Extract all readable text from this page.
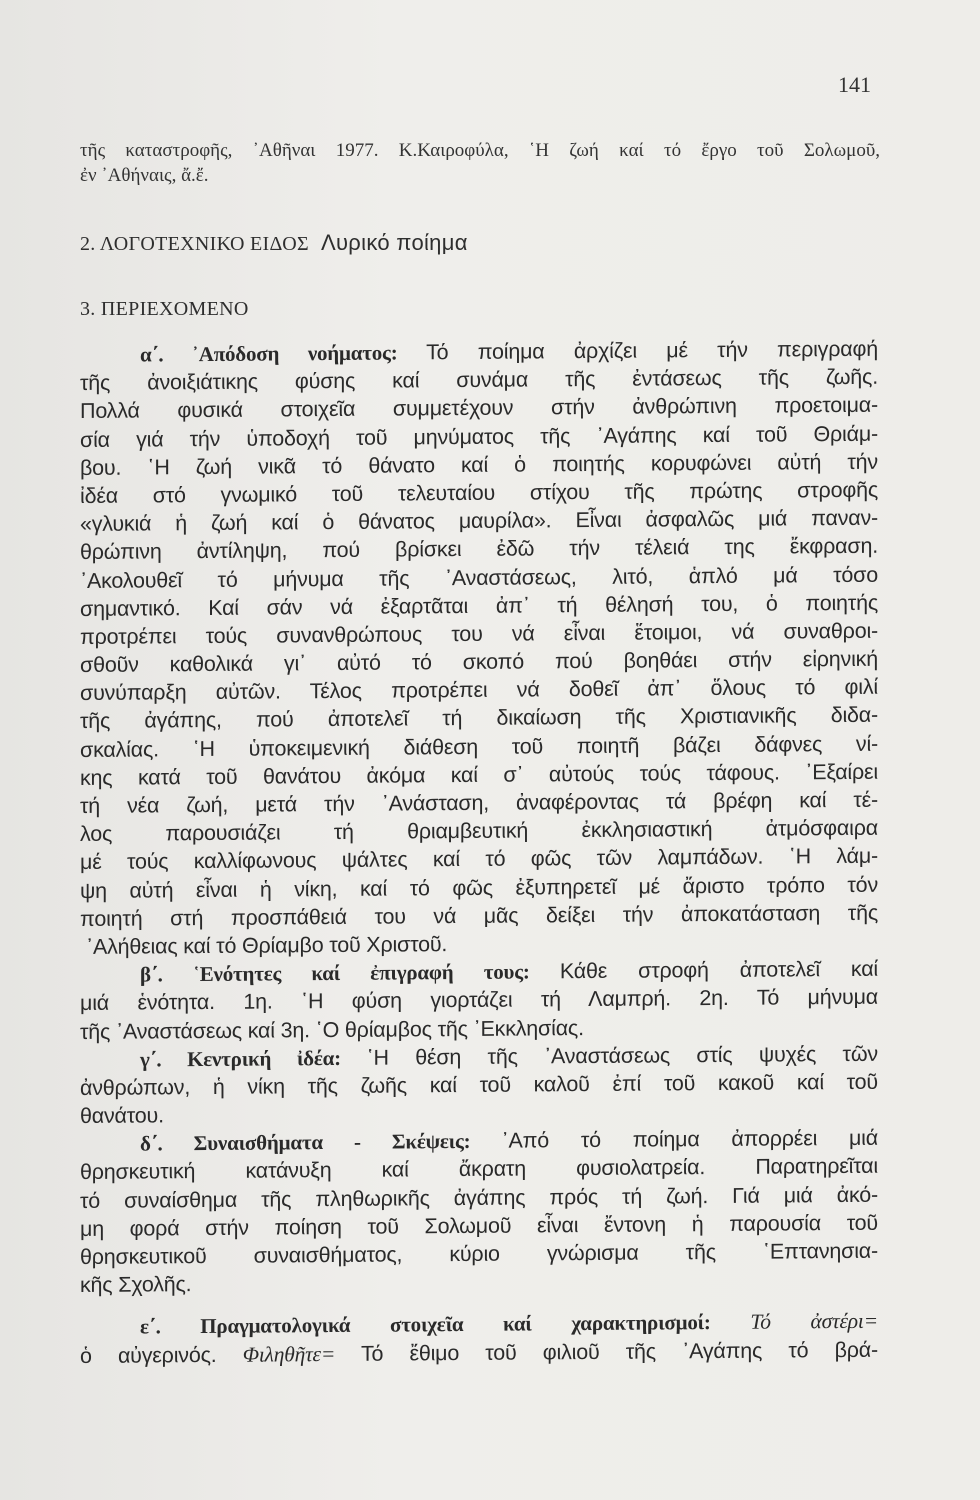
141
τῆς καταστροφῆς, ᾿Αθῆναι 1977. Κ.Καιροφύλα, ῾Η ζωή καί τό ἔργο τοῦ Σολωμοῦ,
ἐν ᾿Αθήναις, ἄ.ἔ.
2. ΛΟΓΟΤΕΧΝΙΚΟ ΕΙΔΟΣ Λυρικό ποίημα
3. ΠΕΡΙΕΧΟΜΕΝΟ
α΄. ᾿Απόδοση νοήματος: Τό ποίημα ἀρχίζει μέ τήν περιγραφή
τῆς ἀνοιξιάτικης φύσης καί συνάμα τῆς ἐντάσεως τῆς ζωῆς.
Πολλά φυσικά στοιχεῖα συμμετέχουν στήν ἀνθρώπινη προετοιμα-
σία γιά τήν ὑποδοχή τοῦ μηνύματος τῆς ᾿Αγάπης καί τοῦ Θριάμ-
βου. ῾Η ζωή νικᾶ τό θάνατο καί ὁ ποιητής κορυφώνει αὐτή τήν
ἰδέα στό γνωμικό τοῦ τελευταίου στίχου τῆς πρώτης στροφῆς
«γλυκιά ἡ ζωή καί ὁ θάνατος μαυρίλα». Εἶναι ἀσφαλῶς μιά παναν-
θρώπινη ἀντίληψη, πού βρίσκει ἐδῶ τήν τέλειά της ἔκφραση.
᾿Ακολουθεῖ τό μήνυμα τῆς ᾿Αναστάσεως, λιτό, ἁπλό μά τόσο
σημαντικό. Καί σάν νά ἐξαρτᾶται ἀπ᾿ τή θέλησή του, ὁ ποιητής
προτρέπει τούς συνανθρώπους του νά εἶναι ἕτοιμοι, νά συναθροι-
σθοῦν καθολικά γι᾿ αὐτό τό σκοπό πού βοηθάει στήν εἰρηνική
συνύπαρξη αὐτῶν. Τέλος προτρέπει νά δοθεῖ ἀπ᾿ ὅλους τό φιλί
τῆς ἀγάπης, πού ἀποτελεῖ τή δικαίωση τῆς Χριστιανικῆς διδα-
σκαλίας. ῾Η ὑποκειμενική διάθεση τοῦ ποιητῆ βάζει δάφνες νί-
κης κατά τοῦ θανάτου ἀκόμα καί σ᾿ αὐτούς τούς τάφους. ᾿Εξαίρει
τή νέα ζωή, μετά τήν ᾿Ανάσταση, ἀναφέροντας τά βρέφη καί τέ-
λος παρουσιάζει τή θριαμβευτική ἐκκλησιαστική ἀτμόσφαιρα
μέ τούς καλλίφωνους ψάλτες καί τό φῶς τῶν λαμπάδων. ῾Η λάμ-
ψη αὐτή εἶναι ἡ νίκη, καί τό φῶς ἐξυπηρετεῖ μέ ἄριστο τρόπο τόν
ποιητή στή προσπάθειά του νά μᾶς δείξει τήν ἀποκατάσταση τῆς
᾿Αλήθειας καί τό Θρίαμβο τοῦ Χριστοῦ.
β΄. ῾Ενότητες καί ἐπιγραφή τους: Κάθε στροφή ἀποτελεῖ καί
μιά ἑνότητα. 1η. ῾Η φύση γιορτάζει τή Λαμπρή. 2η. Τό μήνυμα
τῆς ᾿Αναστάσεως καί 3η. ῾Ο θρίαμβος τῆς ᾿Εκκλησίας.
γ΄. Κεντρική ἰδέα: ῾Η θέση τῆς ᾿Αναστάσεως στίς ψυχές τῶν
ἀνθρώπων, ἡ νίκη τῆς ζωῆς καί τοῦ καλοῦ ἐπί τοῦ κακοῦ καί τοῦ
θανάτου.
δ΄. Συναισθήματα - Σκέψεις: ᾿Από τό ποίημα ἀπορρέει μιά
θρησκευτική κατάνυξη καί ἄκρατη φυσιολατρεία. Παρατηρεῖται
τό συναίσθημα τῆς πληθωρικῆς ἀγάπης πρός τή ζωή. Γιά μιά ἀκό-
μη φορά στήν ποίηση τοῦ Σολωμοῦ εἶναι ἔντονη ἡ παρουσία τοῦ
θρησκευτικοῦ συναισθήματος, κύριο γνώρισμα τῆς ῾Επτανησια-
κῆς Σχολῆς.
ε΄. Πραγματολογικά στοιχεῖα καί χαρακτηρισμοί: Τό ἀστέρι=
ὁ αὐγερινός. Φιληθῆτε= Τό ἔθιμο τοῦ φιλιοῦ τῆς ᾿Αγάπης τό βρά-
